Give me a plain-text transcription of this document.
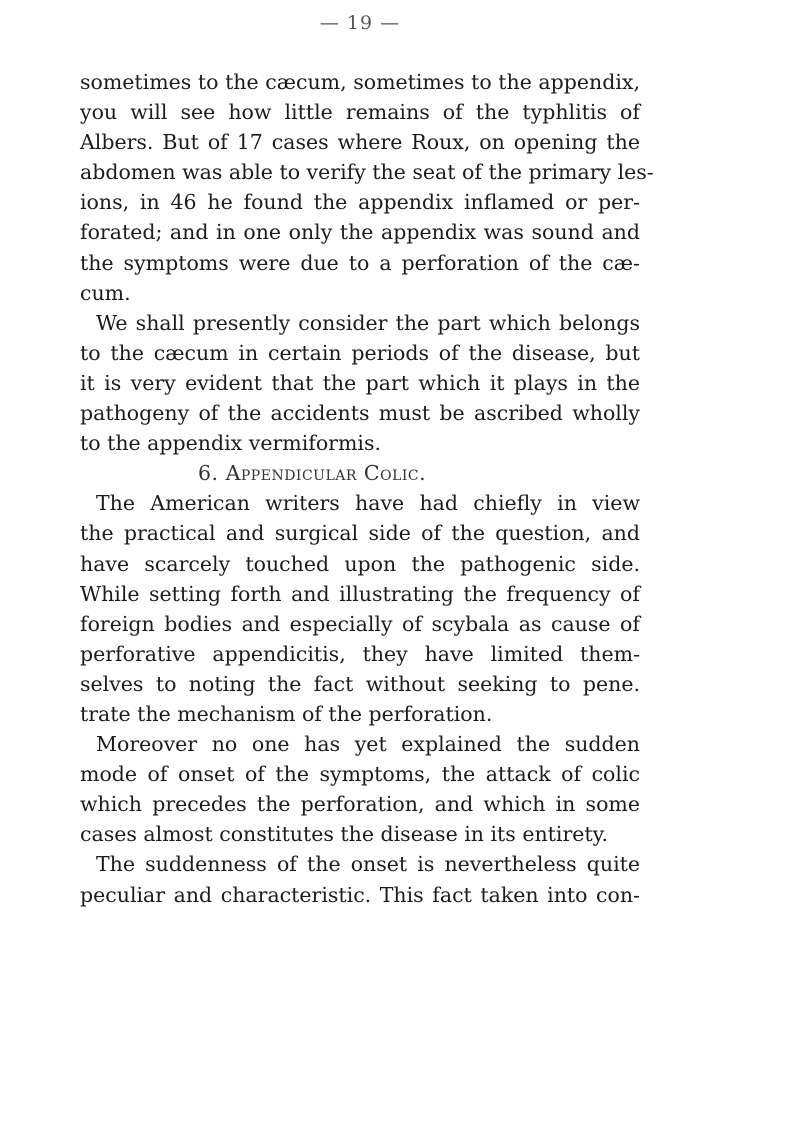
— 19 —
sometimes to the cæcum, sometimes to the appendix,
you will see how little remains of the typhlitis of
Albers. But of 17 cases where Roux, on opening the
abdomen was able to verify the seat of the primary les-
ions, in 46 he found the appendix inflamed or per-
forated; and in one only the appendix was sound and
the symptoms were due to a perforation of the cæ-
cum.
We shall presently consider the part which belongs
to the cæcum in certain periods of the disease, but
it is very evident that the part which it plays in the
pathogeny of the accidents must be ascribed wholly
to the appendix vermiformis.
6. Appendicular Colic.
The American writers have had chiefly in view
the practical and surgical side of the question, and
have scarcely touched upon the pathogenic side.
While setting forth and illustrating the frequency of
foreign bodies and especially of scybala as cause of
perforative appendicitis, they have limited them-
selves to noting the fact without seeking to pene.
trate the mechanism of the perforation.
Moreover no one has yet explained the sudden
mode of onset of the symptoms, the attack of colic
which precedes the perforation, and which in some
cases almost constitutes the disease in its entirety.
The suddenness of the onset is nevertheless quite
peculiar and characteristic. This fact taken into con-
